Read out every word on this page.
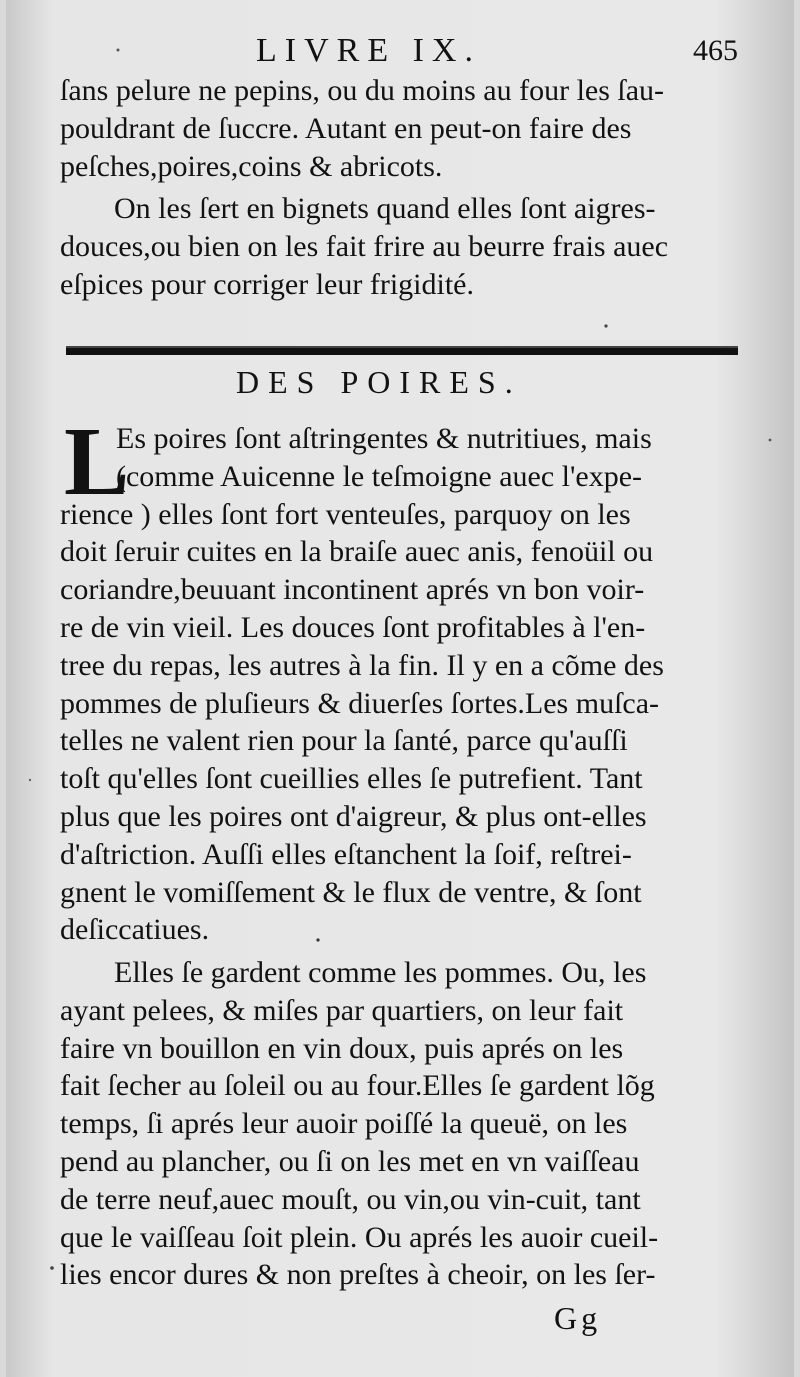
LIVRE IX.	465
ſans pelure ne pepins, ou du moins au four les ſau-
pouldrant de ſuccre. Autant en peut-on faire des
peſches,poires,coins & abricots.
On les ſert en bignets quand elles ſont aigres-
douces,ou bien on les fait frire au beurre frais auec
eſpices pour corriger leur frigidité.
DES POIRES.
L
Es poires ſont aſtringentes & nutritiues, mais
(comme Auicenne le teſmoigne auec l'expe-
rience ) elles ſont fort venteuſes, parquoy on les
doit ſeruir cuites en la braiſe auec anis, fenoüil ou
coriandre,beuuant incontinent aprés vn bon voir-
re de vin vieil. Les douces ſont profitables à l'en-
tree du repas, les autres à la fin. Il y en a cõme des
pommes de pluſieurs & diuerſes ſortes.Les muſca-
telles ne valent rien pour la ſanté, parce qu'auſſi
toſt qu'elles ſont cueillies elles ſe putrefient. Tant
plus que les poires ont d'aigreur, & plus ont-elles
d'aſtriction. Auſſi elles eſtanchent la ſoif, reſtrei-
gnent le vomiſſement & le flux de ventre, & ſont
deſiccatiues.
Elles ſe gardent comme les pommes. Ou, les
ayant pelees, & miſes par quartiers, on leur fait
faire vn bouillon en vin doux, puis aprés on les
fait ſecher au ſoleil ou au four.Elles ſe gardent lõg
temps, ſi aprés leur auoir poiſſé la queuë, on les
pend au plancher, ou ſi on les met en vn vaiſſeau
de terre neuf,auec mouſt, ou vin,ou vin-cuit, tant
que le vaiſſeau ſoit plein. Ou aprés les auoir cueil-
lies encor dures & non preſtes à cheoir, on les ſer-
Gg
